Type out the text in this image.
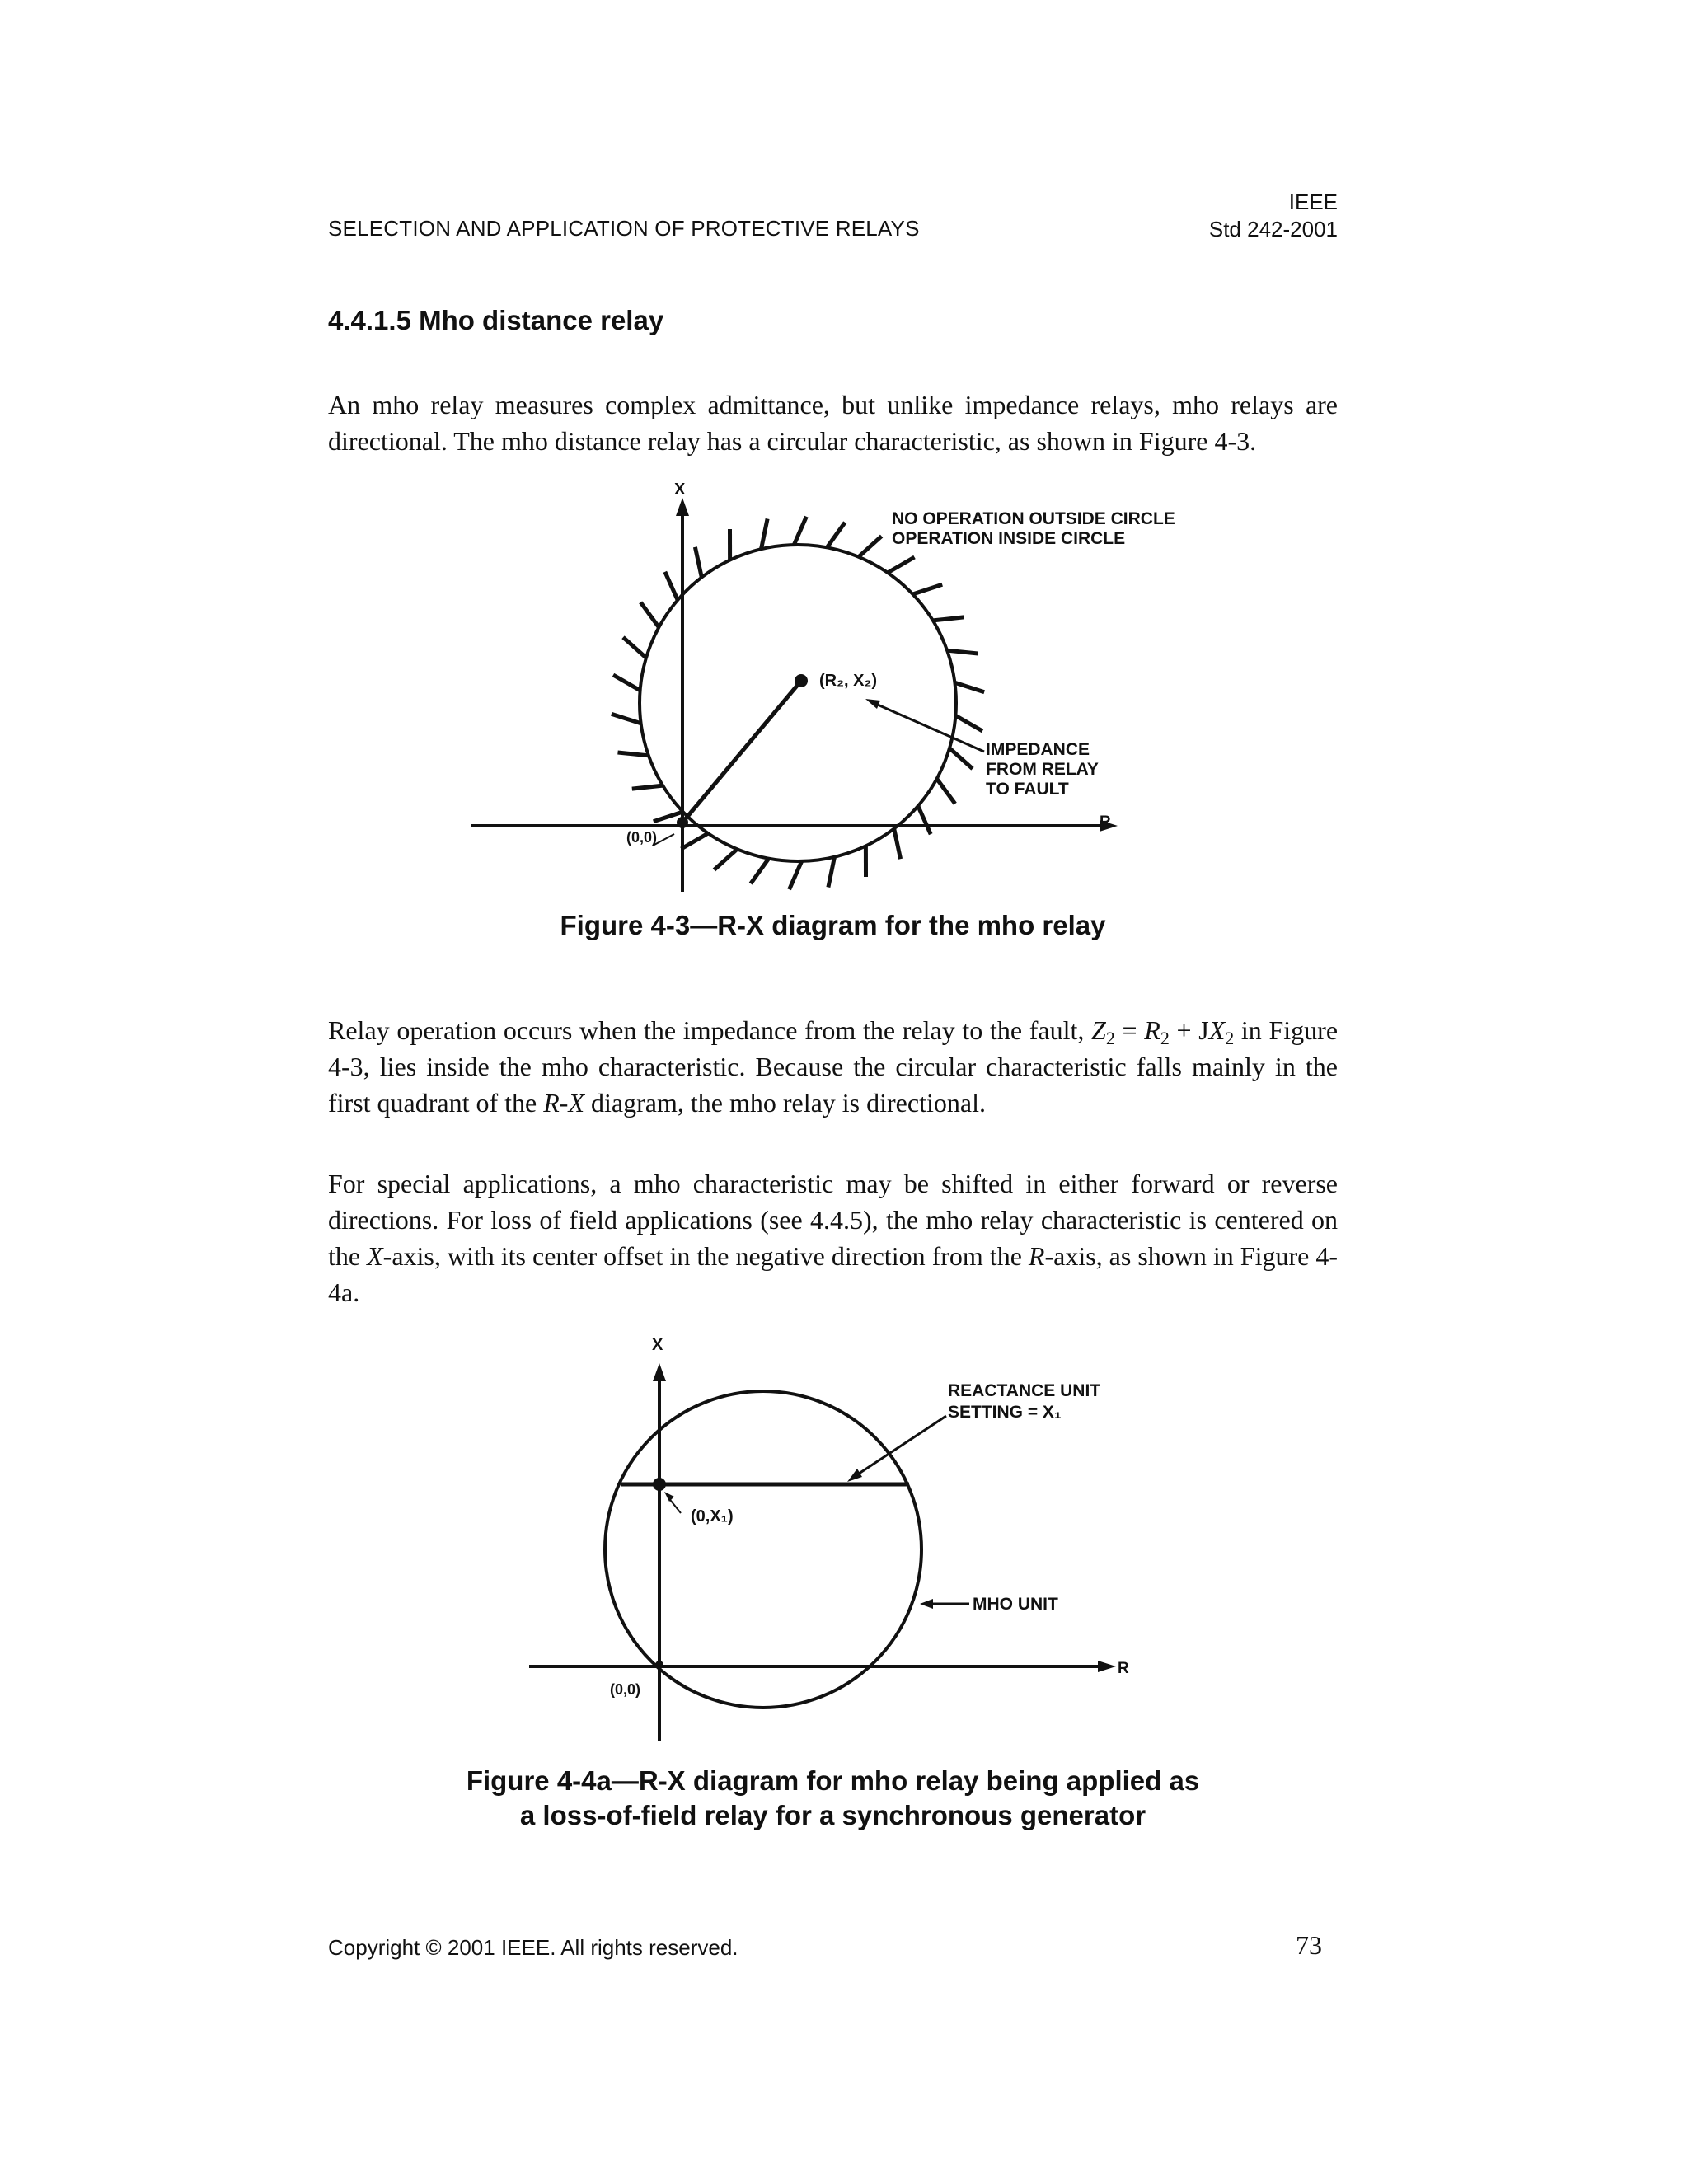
SELECTION AND APPLICATION OF PROTECTIVE RELAYS
IEEE
Std 242-2001
4.4.1.5 Mho distance relay
An mho relay measures complex admittance, but unlike impedance relays, mho relays are directional. The mho distance relay has a circular characteristic, as shown in Figure 4-3.
X
R
(0,0)
(R₂, X₂)
NO OPERATION OUTSIDE CIRCLE
OPERATION INSIDE CIRCLE
IMPEDANCE
FROM RELAY
TO FAULT
Figure 4-3—R-X diagram for the mho relay
Relay operation occurs when the impedance from the relay to the fault, $Z_2 = R_2 + JX_2$ in Figure 4-3, lies inside the mho characteristic. Because the circular characteristic falls mainly in the first quadrant of the R-X diagram, the mho relay is directional.
For special applications, a mho characteristic may be shifted in either forward or reverse directions. For loss of field applications (see 4.4.5), the mho relay characteristic is centered on the X-axis, with its center offset in the negative direction from the R-axis, as shown in Figure 4-4a.
X
R
(0,0)
(0,X₁)
REACTANCE UNIT
SETTING = X₁
MHO UNIT
Figure 4-4a—R-X diagram for mho relay being applied as
a loss-of-field relay for a synchronous generator
Copyright © 2001 IEEE. All rights reserved.	73
